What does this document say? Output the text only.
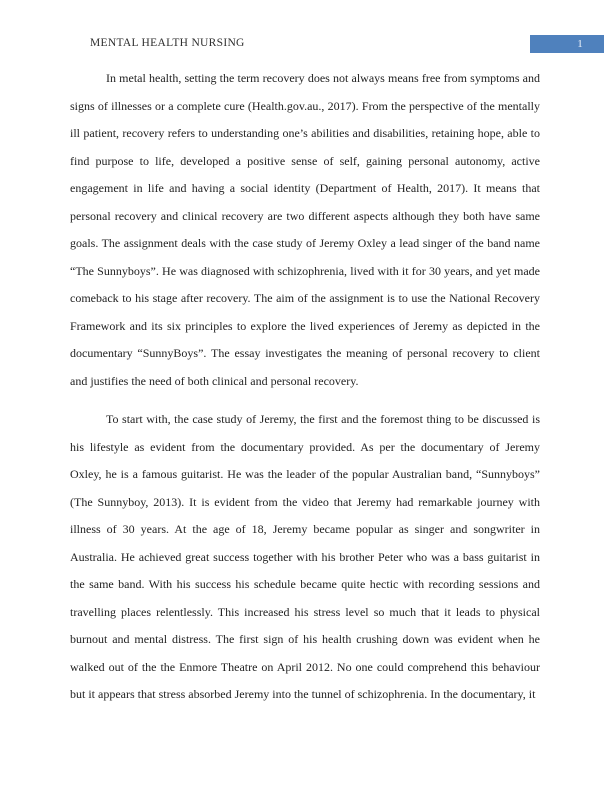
MENTAL HEALTH NURSING	1
In metal health, setting the term recovery does not always means free from symptoms and
signs of illnesses or a complete cure (Health.gov.au., 2017). From the perspective of the mentally
ill patient, recovery refers to understanding one’s abilities and disabilities, retaining hope, able to
find purpose to life, developed a positive sense of self, gaining personal autonomy, active
engagement in life and having a social identity (Department of Health, 2017). It means that
personal recovery and clinical recovery are two different aspects although they both have same
goals. The assignment deals with the case study of Jeremy Oxley a lead singer of the band name
“The Sunnyboys”. He was diagnosed with schizophrenia, lived with it for 30 years, and yet made
comeback to his stage after recovery. The aim of the assignment is to use the National Recovery
Framework and its six principles to explore the lived experiences of Jeremy as depicted in the
documentary “SunnyBoys”. The essay investigates the meaning of personal recovery to client
and justifies the need of both clinical and personal recovery.
To start with, the case study of Jeremy, the first and the foremost thing to be discussed is
his lifestyle as evident from the documentary provided. As per the documentary of Jeremy
Oxley, he is a famous guitarist. He was the leader of the popular Australian band, “Sunnyboys”
(The Sunnyboy, 2013). It is evident from the video that Jeremy had remarkable journey with
illness of 30 years. At the age of 18, Jeremy became popular as singer and songwriter in
Australia. He achieved great success together with his brother Peter who was a bass guitarist in
the same band. With his success his schedule became quite hectic with recording sessions and
travelling places relentlessly. This increased his stress level so much that it leads to physical
burnout and mental distress. The first sign of his health crushing down was evident when he
walked out of the the Enmore Theatre on April 2012. No one could comprehend this behaviour
but it appears that stress absorbed Jeremy into the tunnel of schizophrenia. In the documentary, it
